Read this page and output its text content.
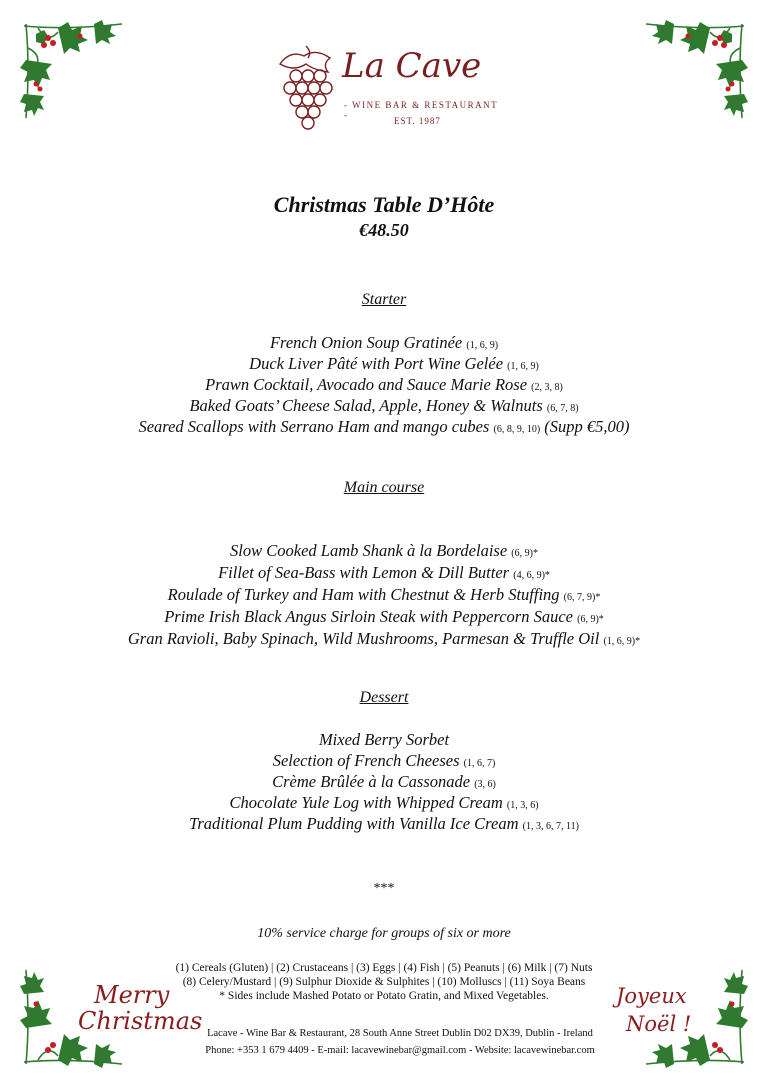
La Cave
- WINE BAR & RESTAURANT -
EST. 1987
Christmas Table D’Hôte
€48.50
Starter
French Onion Soup Gratinée (1, 6, 9)
Duck Liver Pâté with Port Wine Gelée (1, 6, 9)
Prawn Cocktail, Avocado and Sauce Marie Rose (2, 3, 8)
Baked Goats’ Cheese Salad, Apple, Honey & Walnuts (6, 7, 8)
Seared Scallops with Serrano Ham and mango cubes (6, 8, 9, 10) (Supp €5,00)
Main course
Slow Cooked Lamb Shank à la Bordelaise (6, 9)*
Fillet of Sea-Bass with Lemon & Dill Butter (4, 6, 9)*
Roulade of Turkey and Ham with Chestnut & Herb Stuffing (6, 7, 9)*
Prime Irish Black Angus Sirloin Steak with Peppercorn Sauce (6, 9)*
Gran Ravioli, Baby Spinach, Wild Mushrooms, Parmesan & Truffle Oil (1, 6, 9)*
Dessert
Mixed Berry Sorbet
Selection of French Cheeses (1, 6, 7)
Crème Brûlée à la Cassonade (3, 6)
Chocolate Yule Log with Whipped Cream (1, 3, 6)
Traditional Plum Pudding with Vanilla Ice Cream (1, 3, 6, 7, 11)
***
10% service charge for groups of six or more
(1) Cereals (Gluten) | (2) Crustaceans | (3) Eggs | (4) Fish | (5) Peanuts | (6) Milk | (7) Nuts
(8) Celery/Mustard | (9) Sulphur Dioxide & Sulphites | (10) Molluscs | (11) Soya Beans
* Sides include Mashed Potato or Potato Gratin, and Mixed Vegetables.
Lacave - Wine Bar & Restaurant, 28 South Anne Street Dublin D02 DX39, Dublin - Ireland
Phone: +353 1 679 4409 - E-mail: lacavewinebar@gmail.com - Website: lacavewinebar.com
Merry
Christmas
Joyeux
Noël !
